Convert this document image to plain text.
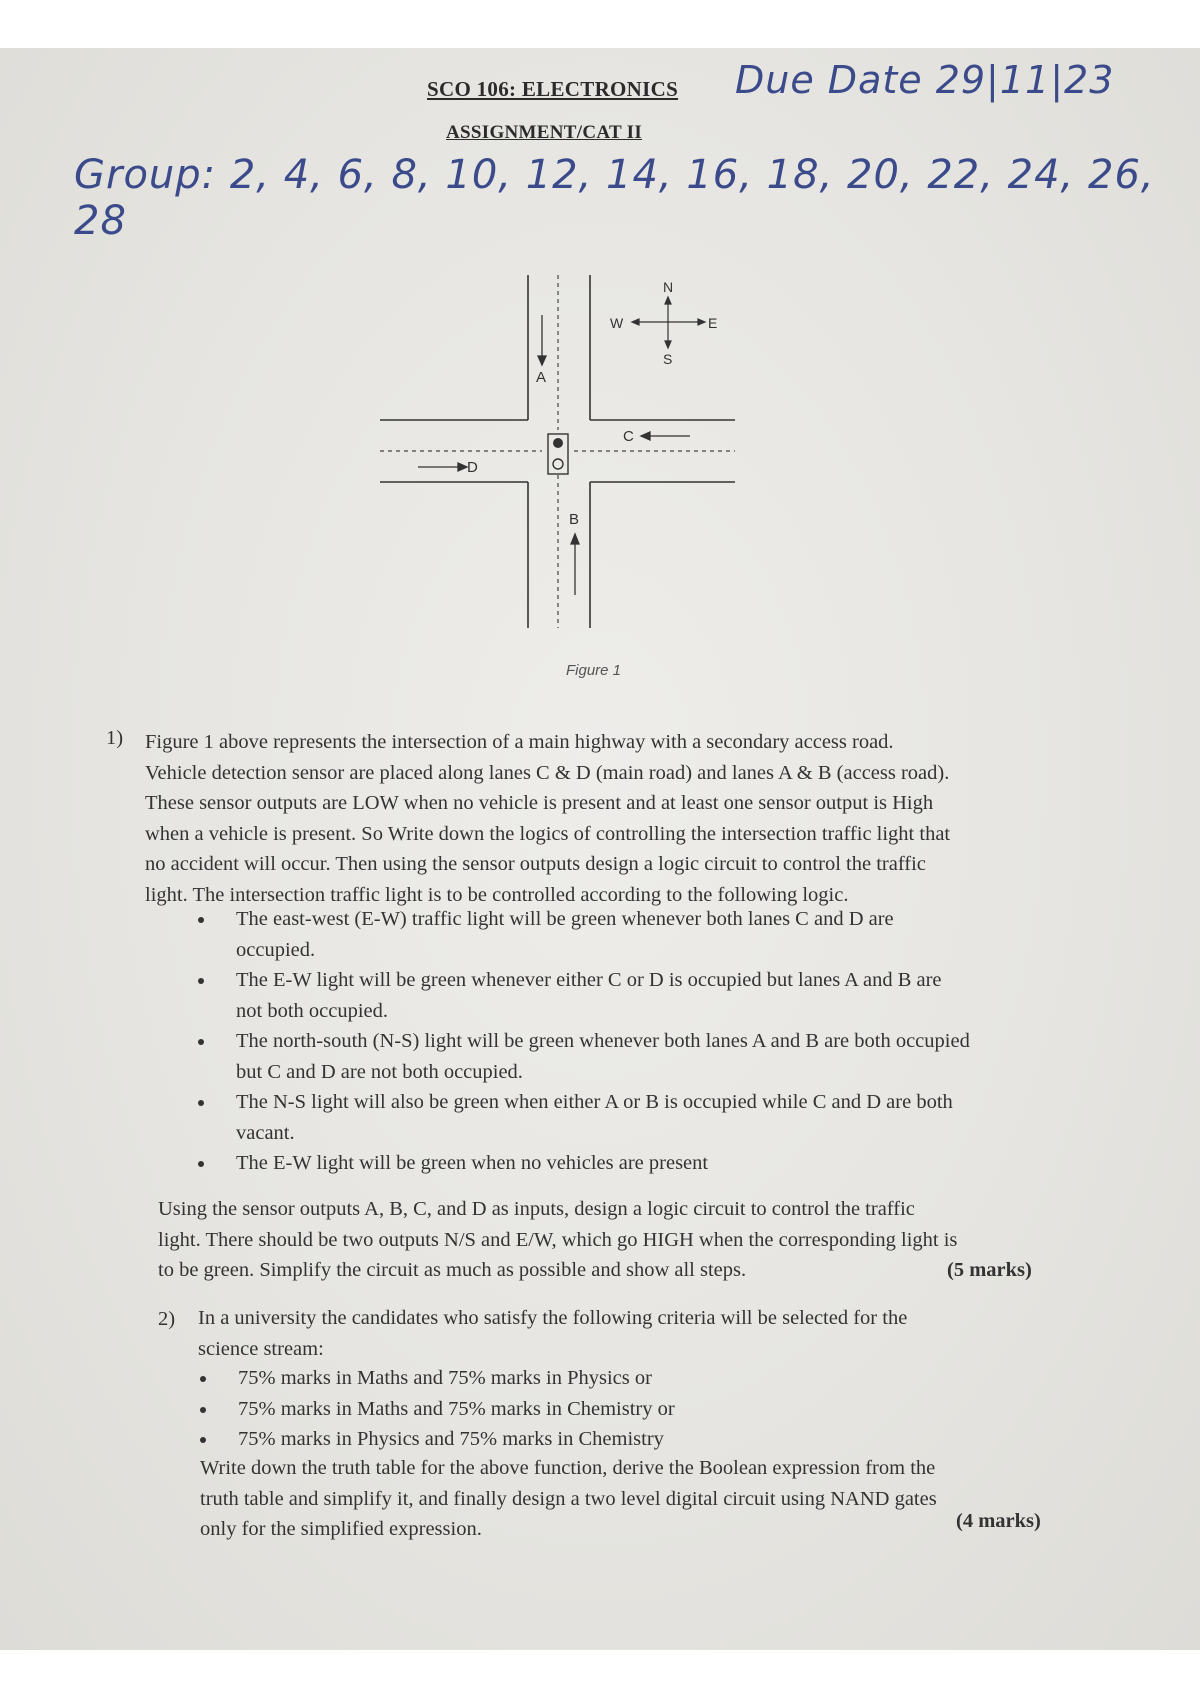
SCO 106: ELECTRONICS
ASSIGNMENT/CAT II
Due Date 29|11|23
Group: 2, 4, 6, 8, 10, 12, 14, 16, 18, 20, 22, 24, 26, 28
A
B
C
D
N
E
S
W
Figure 1
1) Figure 1 above represents the intersection of a main highway with a secondary access road.
Vehicle detection sensor are placed along lanes C & D (main road) and lanes A & B (access road).
These sensor outputs are LOW when no vehicle is present and at least one sensor output is High
when a vehicle is present. So Write down the logics of controlling the intersection traffic light that
no accident will occur. Then using the sensor outputs design a logic circuit to control the traffic
light. The intersection traffic light is to be controlled according to the following logic.
The east-west (E-W) traffic light will be green whenever both lanes C and D are
occupied.
The E-W light will be green whenever either C or D is occupied but lanes A and B are
not both occupied.
The north-south (N-S) light will be green whenever both lanes A and B are both occupied
but C and D are not both occupied.
The N-S light will also be green when either A or B is occupied while C and D are both
vacant.
The E-W light will be green when no vehicles are present
Using the sensor outputs A, B, C, and D as inputs, design a logic circuit to control the traffic
light. There should be two outputs N/S and E/W, which go HIGH when the corresponding light is
to be green. Simplify the circuit as much as possible and show all steps.	(5 marks)
2) In a university the candidates who satisfy the following criteria will be selected for the
science stream:
75% marks in Maths and 75% marks in Physics or
75% marks in Maths and 75% marks in Chemistry or
75% marks in Physics and 75% marks in Chemistry
Write down the truth table for the above function, derive the Boolean expression from the
truth table and simplify it, and finally design a two level digital circuit using NAND gates
only for the simplified expression.	(4 marks)
